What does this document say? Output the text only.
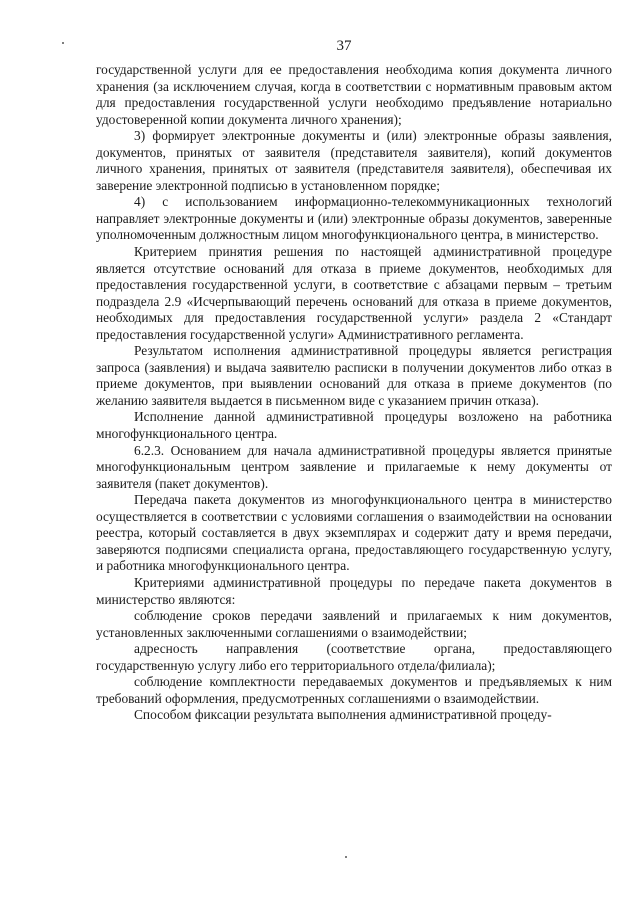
37

государственной услуги для ее предоставления необходима копия документа личного хранения (за исключением случая, когда в соответствии с нормативным правовым актом для предоставления государственной услуги необходимо предъявление нотариально удостоверенной копии документа личного хранения);

3) формирует электронные документы и (или) электронные образы заявления, документов, принятых от заявителя (представителя заявителя), копий документов личного хранения, принятых от заявителя (представителя заявителя), обеспечивая их заверение электронной подписью в установленном порядке;

4) с использованием информационно-телекоммуникационных технологий направляет электронные документы и (или) электронные образы документов, заверенные уполномоченным должностным лицом многофункционального центра, в министерство.

Критерием принятия решения по настоящей административной процедуре является отсутствие оснований для отказа в приеме документов, необходимых для предоставления государственной услуги, в соответствие с абзацами первым – третьим подраздела 2.9 «Исчерпывающий перечень оснований для отказа в приеме документов, необходимых для предоставления государственной услуги» раздела 2 «Стандарт предоставления государственной услуги» Административного регламента.

Результатом исполнения административной процедуры является регистрация запроса (заявления) и выдача заявителю расписки в получении документов либо отказ в приеме документов, при выявлении оснований для отказа в приеме документов (по желанию заявителя выдается в письменном виде с указанием причин отказа).

Исполнение данной административной процедуры возложено на работника многофункционального центра.

6.2.3. Основанием для начала административной процедуры является принятые многофункциональным центром заявление и прилагаемые к нему документы от заявителя (пакет документов).

Передача пакета документов из многофункционального центра в министерство осуществляется в соответствии с условиями соглашения о взаимодействии на основании реестра, который составляется в двух экземплярах и содержит дату и время передачи, заверяются подписями специалиста органа, предоставляющего государственную услугу, и работника многофункционального центра.

Критериями административной процедуры по передаче пакета документов в министерство являются:

соблюдение сроков передачи заявлений и прилагаемых к ним документов, установленных заключенными соглашениями о взаимодействии;

адресность направления (соответствие органа, предоставляющего государственную услугу либо его территориального отдела/филиала);

соблюдение комплектности передаваемых документов и предъявляемых к ним требований оформления, предусмотренных соглашениями о взаимодействии.

Способом фиксации результата выполнения административной процеду-
